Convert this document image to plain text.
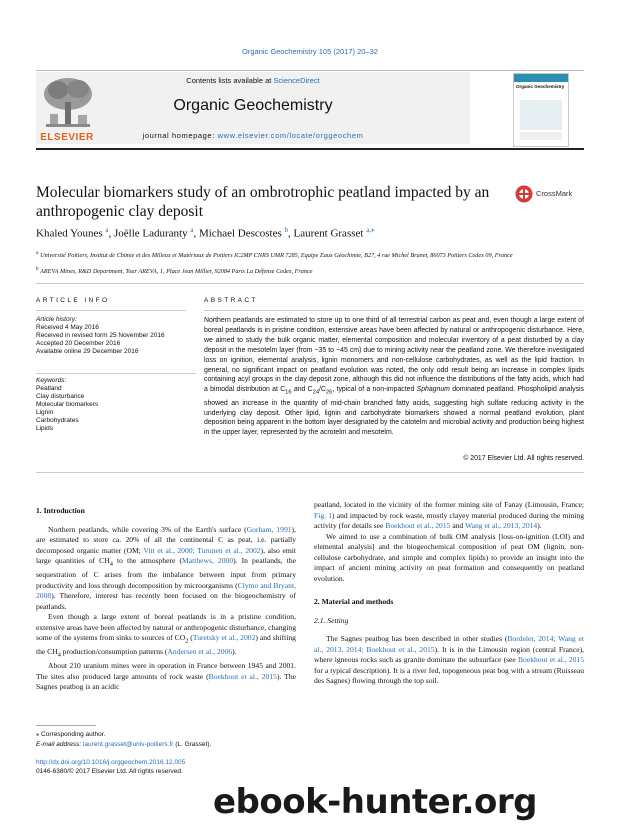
Organic Geochemistry 105 (2017) 20–32
ELSEVIER
Contents lists available at ScienceDirect
Organic Geochemistry
journal homepage: www.elsevier.com/locate/orggeochem
Organic Geochemistry
Molecular biomarkers study of an ombrotrophic peatland impacted by an anthropogenic clay deposit
CrossMark
Khaled Younes $^a$, Joëlle Laduranty $^a$, Michael Descostes $^b$, Laurent Grasset $^{a,⁎}$
$^a$ Université Poitiers, Institut de Chimie et des Milieux et Matériaux de Poitiers IC2MP CNRS UMR 7285, Equipe Eaux Géochimie, B27, 4 rue Michel Brunet, 86073 Poitiers Cedex 09, France
$^b$ AREVA Mines, R&D Department, Tour AREVA, 1, Place Jean Millier, 92084 Paris La Défense Cedex, France
ARTICLE INFO
Article history:
Received 4 May 2016
Received in revised form 25 November 2016
Accepted 20 December 2016
Available online 29 December 2016
Keywords:
Peatland
Clay disturbance
Molecular biomarkers
Lignin
Carbohydrates
Lipids
ABSTRACT
Northern peatlands are estimated to store up to one third of all terrestrial carbon as peat and, even though a large extent of boreal peatlands is in pristine condition, extensive areas have been affected by natural or anthropogenic disturbance. Here, we aimed to study the bulk organic matter, elemental composition and molecular inventory of a peat disturbed by a clay deposit in the mesotelm layer (from −35 to −45 cm) due to mining activity near the peatland zone. We therefore investigated loss on ignition, elemental analysis, lignin monomers and non-cellulose carbohydrates, as well as the lipid fraction. In general, no significant impact on peatland evolution was noted, the only odd result being an increase in complex lipids containing acyl groups in the clay deposit zone, although this did not influence the distributions of the fatty acids, which had a bimodal distribution at $C_{16}$ and $C_{24}/C_{26}$, typical of a non-impacted Sphagnum dominated peatland. Phospholipid analysis showed an increase in the quantity of mid-chain branched fatty acids, suggesting high sulfate reducing activity in the underlying clay deposit. Other lipid, lignin and carbohydrate biomarkers showed a normal peatland evolution, plant deposition being apparent in the bottom layer designated by the catotelm and microbial activity and production being highest in the upper layer, represented by the acrotelm and mesotelm.
© 2017 Elsevier Ltd. All rights reserved.
1. Introduction

Northern peatlands, while covering 3% of the Earth's surface (Gorham, 1991), are estimated to store ca. 20% of all the continental C as peat, i.e. partially decomposed organic matter (OM; Vitt et al., 2000; Turunen et al., 2002), also emit large quantities of $CH_4$ to the atmosphere (Matthews, 2000). In peatlands, the sequestration of C arises from the imbalance between input from primary productivity and loss through decomposition by microorganisms (Clymo and Bryant, 2008). Therefore, interest has recently been focused on the biogeochemistry of peatlands.

Even though a large extent of boreal peatlands is in a pristine condition, extensive areas have been affected by natural or anthropogenic disturbance, changing some of the systems from sinks to sources of $CO_2$ (Turetsky et al., 2002) and shifting the $CH_4$ production/consumption patterns (Andersen et al., 2006).

About 210 uranium mines were in operation in France between 1945 and 2001. The sites also produced large amounts of rock waste (Boekhout et al., 2015). The Sagnes peatbog is an acidic

peatland, located in the vicinity of the former mining site of Fanay (Limousin, France; Fig. 1) and impacted by rock waste, mostly clayey material produced during the mining activity (for details see Boekhout et al., 2015 and Wang et al., 2013, 2014).

We aimed to use a combination of bulk OM analysis [loss-on-ignition (LOI) and elemental analysis] and the biogeochemical composition of peat OM (lignin, non-cellulose carbohydrate, and simple and complex lipids) to provide an insight into the impact of ancient mining activity on peat formation and consequently on peatland evolution.

2. Material and methods
2.1. Setting

The Sagnes peatbog has been described in other studies (Bordelet, 2014; Wang et al., 2013, 2014; Boekhout et al., 2015). It is in the Limousin region (central France), where igneous rocks such as granite dominate the subsurface (see Boekhout et al., 2015 for a typical description). It is a river fed, topogeneous peat bog with a stream (Ruisseau des Sagnes) flowing through the top soil.

⁎ Corresponding author.
E-mail address: laurent.grasset@univ-poitiers.fr (L. Grasset).
http://dx.doi.org/10.1016/j.orggeochem.2016.12.005
0146-6380/© 2017 Elsevier Ltd. All rights reserved.
ebook-hunter.org
